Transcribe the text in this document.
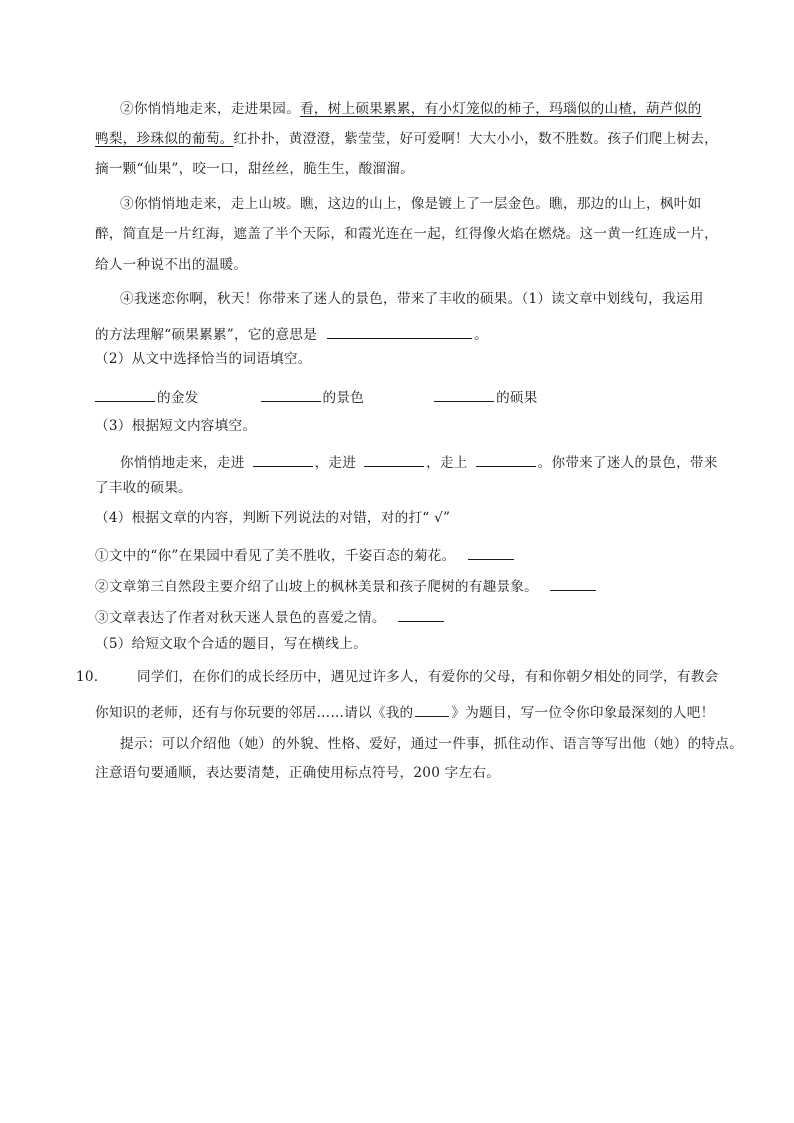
②你悄悄地走来，走进果园。看，树上硕果累累，有小灯笼似的柿子，玛瑙似的山楂，葫芦似的
鸭梨，珍珠似的葡萄。红扑扑，黄澄澄，紫莹莹，好可爱啊！大大小小，数不胜数。孩子们爬上树去，
摘一颗“仙果”，咬一口，甜丝丝，脆生生，酸溜溜。
③你悄悄地走来，走上山坡。瞧，这边的山上，像是镀上了一层金色。瞧，那边的山上，枫叶如
醉，简直是一片红海，遮盖了半个天际，和霞光连在一起，红得像火焰在燃烧。这一黄一红连成一片，
给人一种说不出的温暖。
④我迷恋你啊，秋天！你带来了迷人的景色，带来了丰收的硕果。（1）读文章中划线句，我运用
的方法理解“硕果累累”，它的意思是	。
（2）从文中选择恰当的词语填空。
的金发	的景色	的硕果
（3）根据短文内容填空。
你悄悄地走来，走进	，走进	，走上	。你带来了迷人的景色，带来
了丰收的硕果。
（4）根据文章的内容，判断下列说法的对错，对的打“ √”
①文中的“你”在果园中看见了美不胜收，千姿百态的菊花。
②文章第三自然段主要介绍了山坡上的枫林美景和孩子爬树的有趣景象。
③文章表达了作者对秋天迷人景色的喜爱之情。
（5）给短文取个合适的题目，写在横线上。
10.	同学们，在你们的成长经历中，遇见过许多人，有爱你的父母，有和你朝夕相处的同学，有教会
你知识的老师，还有与你玩要的邻居……请以《我的	》为题目，写一位令你印象最深刻的人吧！
提示：可以介绍他（她）的外貌、性格、爱好，通过一件事，抓住动作、语言等写出他（她）的特点。
注意语句要通顺，表达要清楚，正确使用标点符号，200 字左右。
